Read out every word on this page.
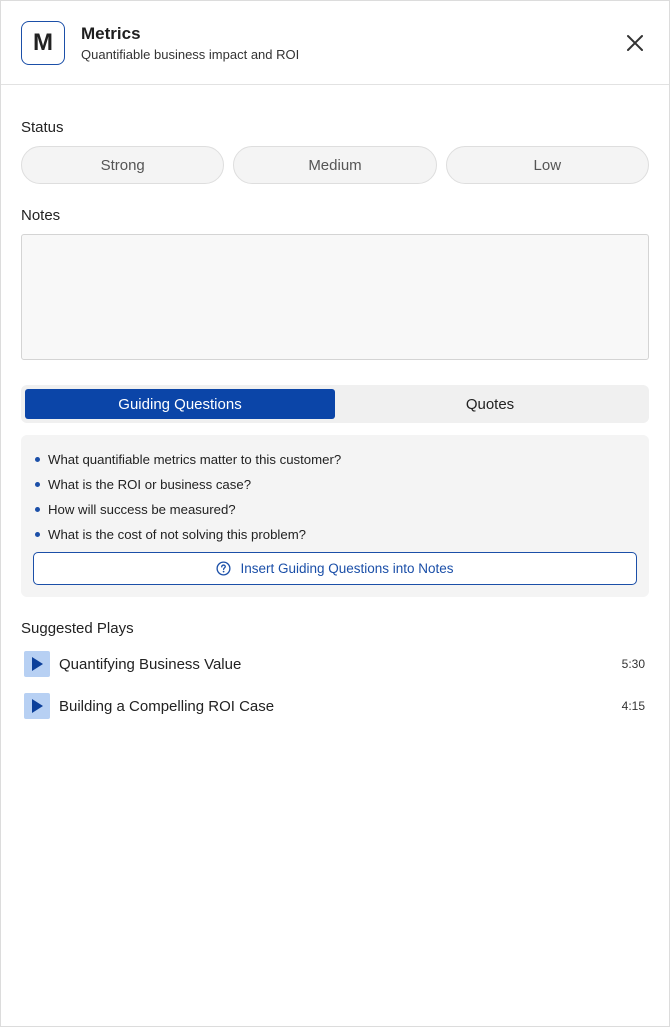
M	Metrics
Quantifiable business impact and ROI
Status
Strong	Medium	Low
Notes
Guiding Questions	Quotes
What quantifiable metrics matter to this customer?
What is the ROI or business case?
How will success be measured?
What is the cost of not solving this problem?
Insert Guiding Questions into Notes
Suggested Plays
Quantifying Business Value	5:30
Building a Compelling ROI Case	4:15
